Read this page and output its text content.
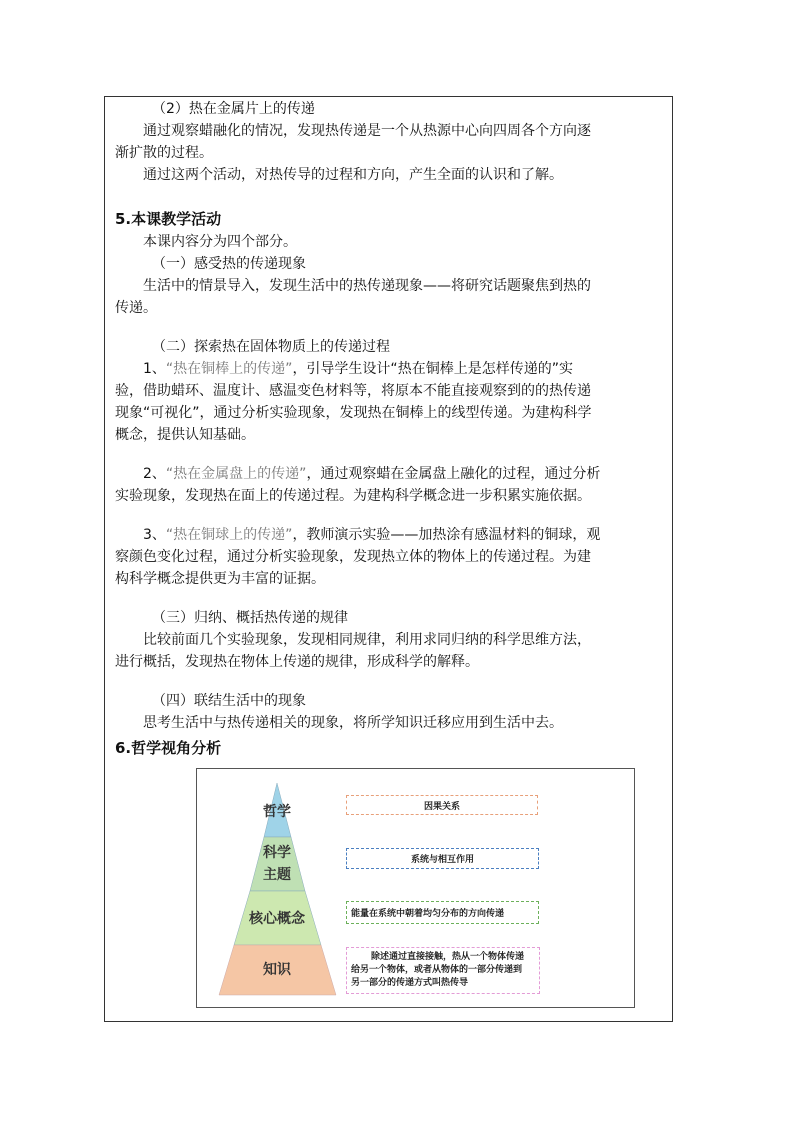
（2）热在金属片上的传递
通过观察蜡融化的情况，发现热传递是一个从热源中心向四周各个方向逐
渐扩散的过程。
通过这两个活动，对热传导的过程和方向，产生全面的认识和了解。
5.本课教学活动
本课内容分为四个部分。
（一）感受热的传递现象
生活中的情景导入，发现生活中的热传递现象——将研究话题聚焦到热的
传递。
（二）探索热在固体物质上的传递过程
1、“热在铜棒上的传递”，引导学生设计“热在铜棒上是怎样传递的”实
验，借助蜡环、温度计、感温变色材料等，将原本不能直接观察到的的热传递
现象“可视化”，通过分析实验现象，发现热在铜棒上的线型传递。为建构科学
概念，提供认知基础。
2、“热在金属盘上的传递”，通过观察蜡在金属盘上融化的过程，通过分析
实验现象，发现热在面上的传递过程。为建构科学概念进一步积累实施依据。
3、“热在铜球上的传递”，教师演示实验——加热涂有感温材料的铜球，观
察颜色变化过程，通过分析实验现象，发现热立体的物体上的传递过程。为建
构科学概念提供更为丰富的证据。
（三）归纳、概括热传递的规律
比较前面几个实验现象，发现相同规律，利用求同归纳的科学思维方法，
进行概括，发现热在物体上传递的规律，形成科学的解释。
（四）联结生活中的现象
思考生活中与热传递相关的现象，将所学知识迁移应用到生活中去。
6.哲学视角分析
哲学
科学
主题
核心概念
知识
因果关系
系统与相互作用
能量在系统中朝着均匀分布的方向传递
除述通过直接接触，热从一个物体传递
给另一个物体，或者从物体的一部分传递到
另一部分的传递方式叫热传导
